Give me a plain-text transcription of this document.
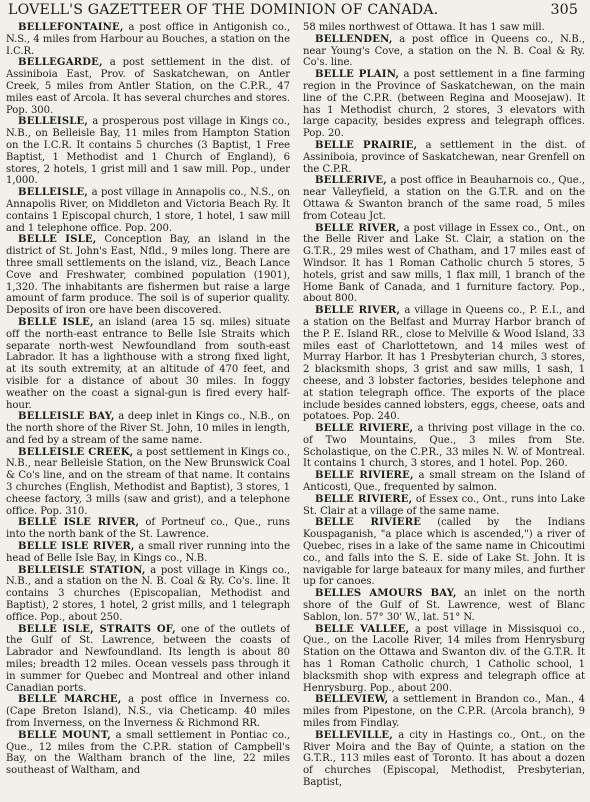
LOVELL'S GAZETTEER OF THE DOMINION OF CANADA.	305

BELLEFONTAINE, a post office in Antigonish co., N.S., 4 miles from Harbour au Bouches, a station on the I.C.R.

BELLEGARDE, a post settlement in the dist. of Assiniboia East, Prov. of Saskatchewan, on Antler Creek, 5 miles from Antler Station, on the C.P.R., 47 miles east of Arcola. It has several churches and stores. Pop. 300.

BELLEISLE, a prosperous post village in Kings co., N.B., on Belleisle Bay, 11 miles from Hampton Station on the I.C.R. It contains 5 churches (3 Baptist, 1 Free Baptist, 1 Methodist and 1 Church of England), 6 stores, 2 hotels, 1 grist mill and 1 saw mill. Pop., under 1,000.

BELLEISLE, a post village in Annapolis co., N.S., on Annapolis River, on Middleton and Victoria Beach Ry. It contains 1 Episcopal church, 1 store, 1 hotel, 1 saw mill and 1 telephone office. Pop. 200.

BELLE ISLE, Conception Bay, an island in the district of St. John's East, Nfld., 9 miles long. There are three small settlements on the island, viz., Beach Lance Cove and Freshwater, combined population (1901), 1,320. The inhabitants are fishermen but raise a large amount of farm produce. The soil is of superior quality. Deposits of iron ore have been discovered.

BELLE ISLE, an island (area 15 sq. miles) situate off the north-east entrance to Belle Isle Straits which separate north-west Newfoundland from south-east Labrador. It has a lighthouse with a strong fixed light, at its south extremity, at an altitude of 470 feet, and visible for a distance of about 30 miles. In foggy weather on the coast a signal-gun is fired every half-hour.

BELLEISLE BAY, a deep inlet in Kings co., N.B., on the north shore of the River St. John, 10 miles in length, and fed by a stream of the same name.

BELLEISLE CREEK, a post settlement in Kings co., N.B., near Belleisle Station, on the New Brunswick Coal & Co's line, and on the stream of that name. It contains 3 churches (English, Methodist and Baptist), 3 stores, 1 cheese factory, 3 mills (saw and grist), and a telephone office. Pop. 310.

BELLE ISLE RIVER, of Portneuf co., Que., runs into the north bank of the St. Lawrence.

BELLE ISLE RIVER, a small river running into the head of Belle Isle Bay, in Kings co., N.B.

BELLEISLE STATION, a post village in Kings co., N.B., and a station on the N. B. Coal & Ry. Co's. line. It contains 3 churches (Episcopalian, Methodist and Baptist), 2 stores, 1 hotel, 2 grist mills, and 1 telegraph office. Pop., about 250.

BELLE ISLE, STRAITS OF, one of the outlets of the Gulf of St. Lawrence, between the coasts of Labrador and Newfoundland. Its length is about 80 miles; breadth 12 miles. Ocean vessels pass through it in summer for Quebec and Montreal and other inland Canadian ports.

BELLE MARCHE, a post office in Inverness co. (Cape Breton Island), N.S., via Cheticamp. 40 miles from Inverness, on the Inverness & Richmond RR.

BELLE MOUNT, a small settlement in Pontiac co., Que., 12 miles from the C.P.R. station of Campbell's Bay, on the Waltham branch of the line, 22 miles southeast of Waltham, and

58 miles northwest of Ottawa. It has 1 saw mill.

BELLENDEN, a post office in Queens co., N.B., near Young's Cove, a station on the N. B. Coal & Ry. Co's. line.

BELLE PLAIN, a post settlement in a fine farming region in the Province of Saskatchewan, on the main line of the C.P.R. (between Regina and Moosejaw). It has 1 Methodist church, 2 stores, 3 elevators with large capacity, besides express and telegraph offices. Pop. 20.

BELLE PRAIRIE, a settlement in the dist. of Assiniboia, province of Saskatchewan, near Grenfell on the C.P.R.

BELLERIVE, a post office in Beauharnois co., Que., near Valleyfield, a station on the G.T.R. and on the Ottawa & Swanton branch of the same road, 5 miles from Coteau Jct.

BELLE RIVER, a post village in Essex co., Ont., on the Belle River and Lake St. Clair, a station on the G.T.R., 29 miles west of Chatham, and 17 miles east of Windsor. It has 1 Roman Catholic church 5 stores, 5 hotels, grist and saw mills, 1 flax mill, 1 branch of the Home Bank of Canada, and 1 furniture factory. Pop., about 800.

BELLE RIVER, a village in Queens co., P. E.I., and a station on the Belfast and Murray Harbor branch of the P. E. Island RR., close to Melville & Wood Island, 33 miles east of Charlottetown, and 14 miles west of Murray Harbor. It has 1 Presbyterian church, 3 stores, 2 blacksmith shops, 3 grist and saw mills, 1 sash, 1 cheese, and 3 lobster factories, besides telephone and at station telegraph office. The exports of the place include besides canned lobsters, eggs, cheese, oats and potatoes. Pop. 240.

BELLE RIVIERE, a thriving post village in the co. of Two Mountains, Que., 3 miles from Ste. Scholastique, on the C.P.R., 33 miles N. W. of Montreal. It contains 1 church, 3 stores, and 1 hotel. Pop. 260.

BELLE RIVIERE, a small stream on the Island of Anticosti, Que., frequented by salmon.

BELLE RIVIERE, of Essex co., Ont., runs into Lake St. Clair at a village of the same name.

BELLE RIVIERE (called by the Indians Kouspaganish, "a place which is ascended,") a river of Quebec, rises in a lake of the same name in Chicoutimi co., and falls into the S. E. side of Lake St. John. It is navigable for large bateaux for many miles, and further up for canoes.

BELLES AMOURS BAY, an inlet on the north shore of the Gulf of St. Lawrence, west of Blanc Sablon, lon. 57° 30' W., lat. 51° N.

BELLE VALLEE, a post village in Missisquoi co., Que., on the Lacolle River, 14 miles from Henrysburg Station on the Ottawa and Swanton div. of the G.T.R. It has 1 Roman Catholic church, 1 Catholic school, 1 blacksmith shop with express and telegraph office at Henrysburg. Pop., about 200.

BELLEVIEW, a settlement in Brandon co., Man., 4 miles from Pipestone, on the C.P.R. (Arcola branch), 9 miles from Findlay.

BELLEVILLE, a city in Hastings co., Ont., on the River Moira and the Bay of Quinte, a station on the G.T.R., 113 miles east of Toronto. It has about a dozen of churches (Episcopal, Methodist, Presbyterian, Baptist,
